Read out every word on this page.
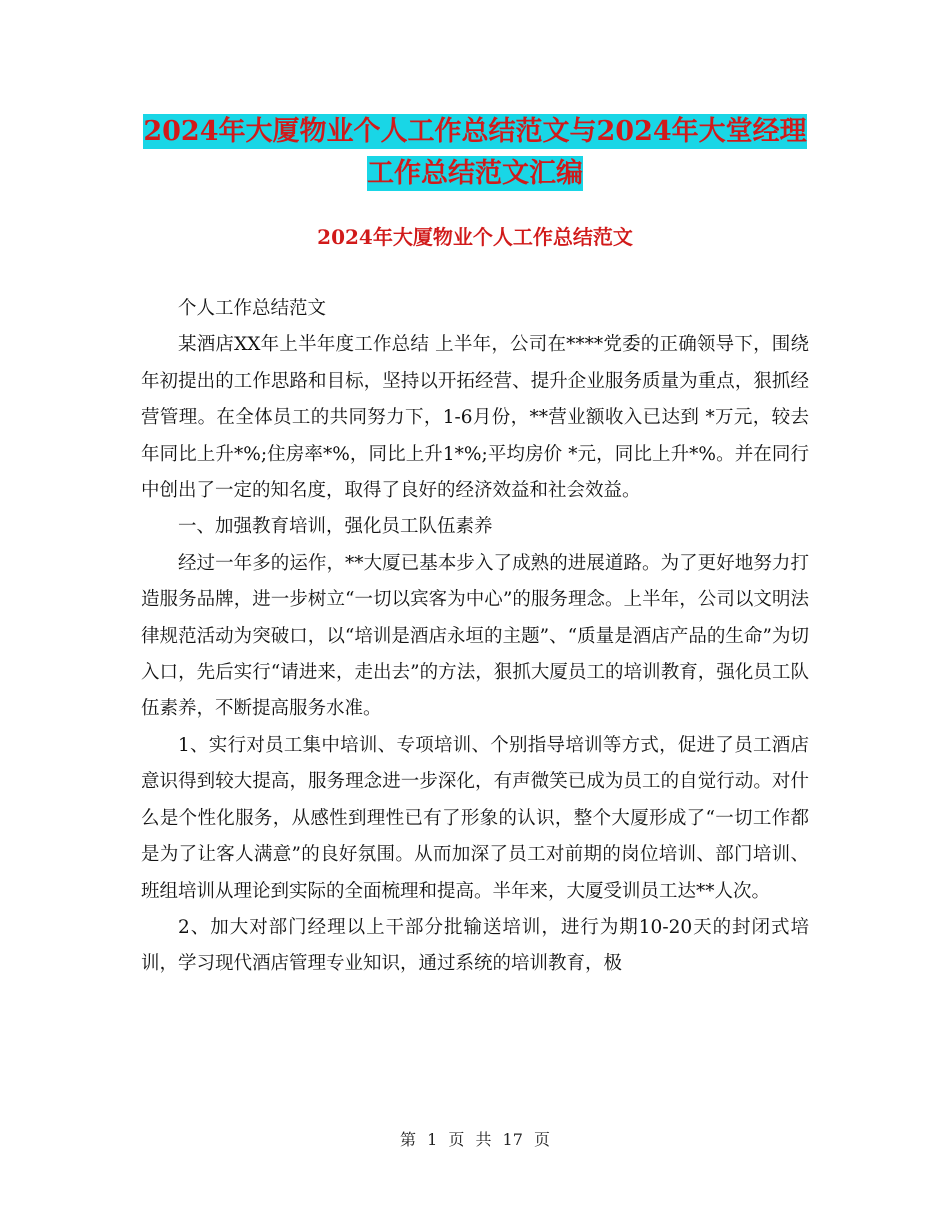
2024年大厦物业个人工作总结范文与2024年大堂经理
工作总结范文汇编
2024年大厦物业个人工作总结范文

个人工作总结范文

某酒店XX年上半年度工作总结 上半年，公司在****党委的正确领导下，围绕年初提出的工作思路和目标，坚持以开拓经营、提升企业服务质量为重点，狠抓经营管理。在全体员工的共同努力下，1-6月份，**营业额收入已达到 *万元，较去年同比上升*%;住房率*%，同比上升1*%;平均房价 *元，同比上升*%。并在同行中创出了一定的知名度，取得了良好的经济效益和社会效益。

一、加强教育培训，强化员工队伍素养

经过一年多的运作，**大厦已基本步入了成熟的进展道路。为了更好地努力打造服务品牌，进一步树立“一切以宾客为中心”的服务理念。上半年，公司以文明法律规范活动为突破口，以“培训是酒店永垣的主题”、“质量是酒店产品的生命”为切入口，先后实行“请进来，走出去”的方法，狠抓大厦员工的培训教育，强化员工队伍素养，不断提高服务水准。

1、实行对员工集中培训、专项培训、个别指导培训等方式，促进了员工酒店意识得到较大提高，服务理念进一步深化，有声微笑已成为员工的自觉行动。对什么是个性化服务，从感性到理性已有了形象的认识，整个大厦形成了“一切工作都是为了让客人满意”的良好氛围。从而加深了员工对前期的岗位培训、部门培训、班组培训从理论到实际的全面梳理和提高。半年来，大厦受训员工达**人次。

2、加大对部门经理以上干部分批输送培训，进行为期10-20天的封闭式培训，学习现代酒店管理专业知识，通过系统的培训教育，极

第 1 页 共 17 页
